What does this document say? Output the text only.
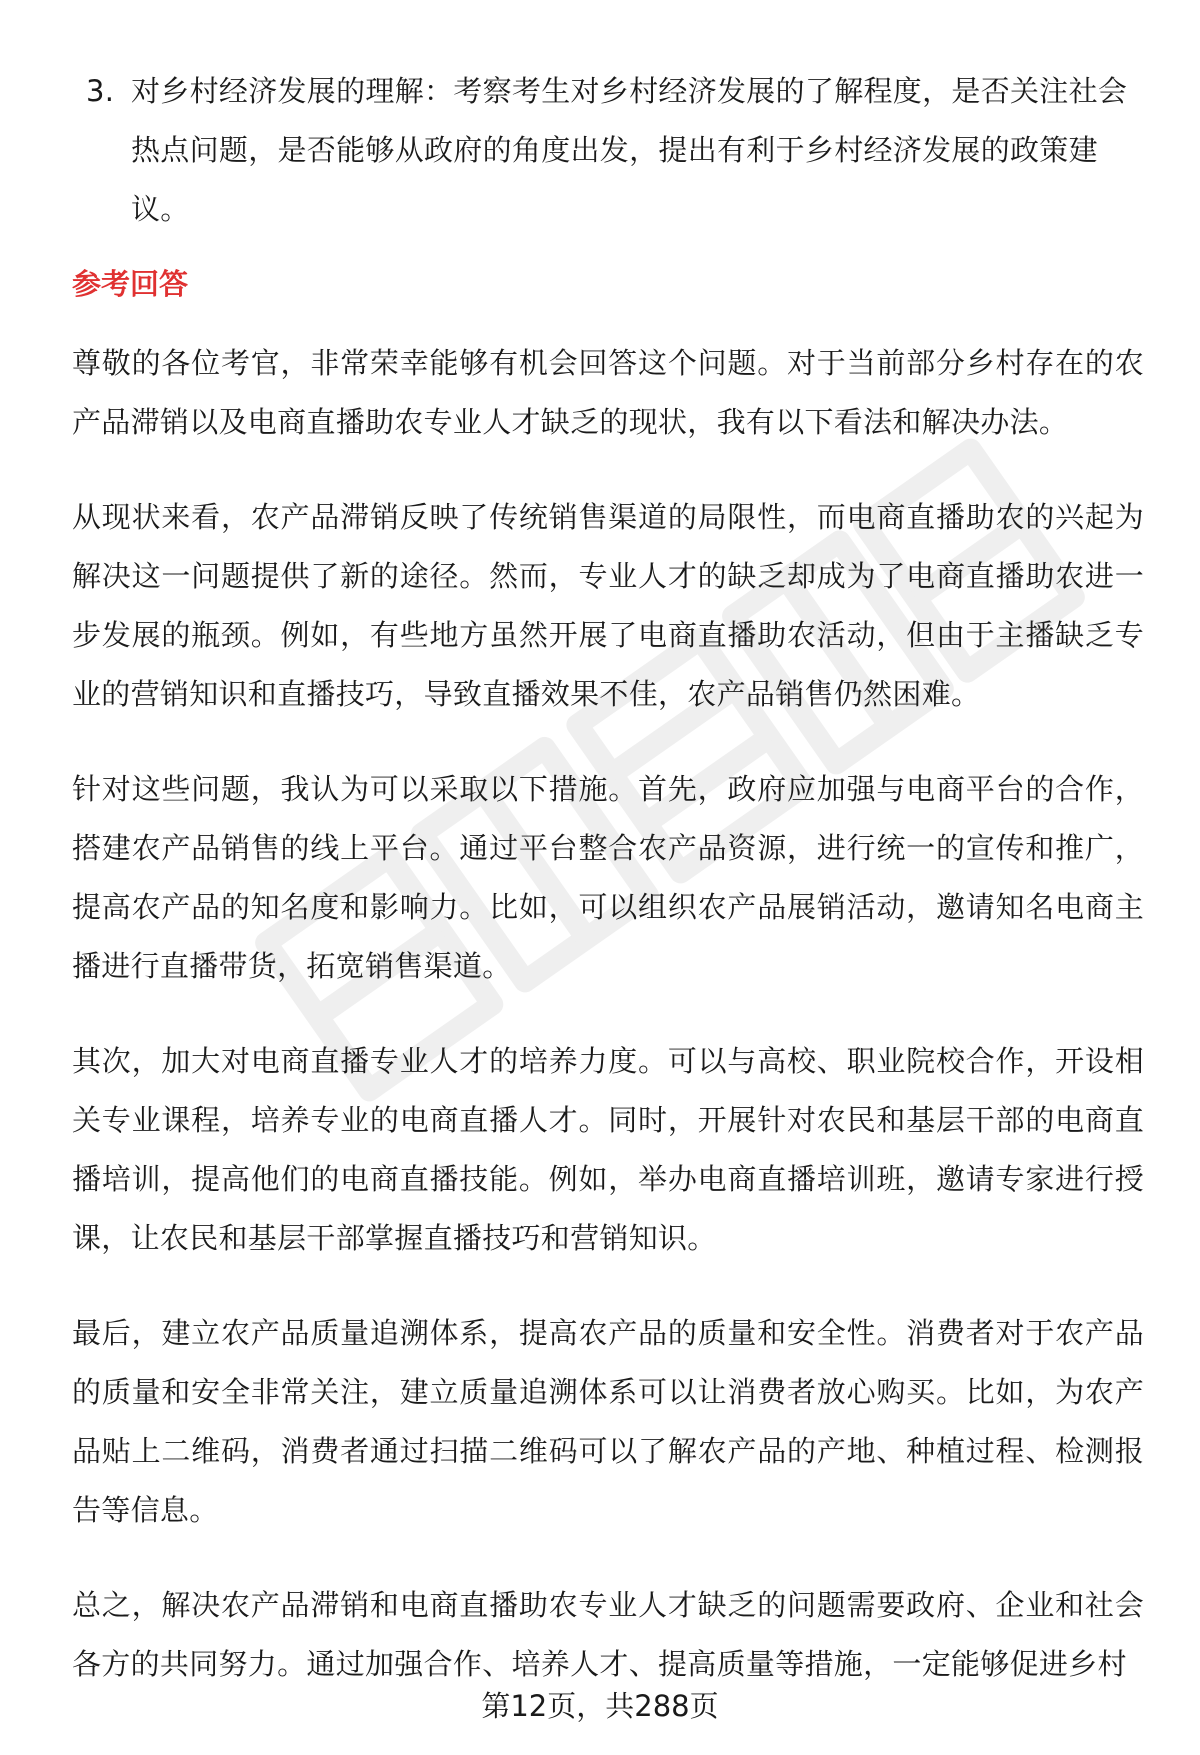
3. 对乡村经济发展的理解：考察考生对乡村经济发展的了解程度，是否关注社会热点问题，是否能够从政府的角度出发，提出有利于乡村经济发展的政策建议。
参考回答

尊敬的各位考官，非常荣幸能够有机会回答这个问题。对于当前部分乡村存在的农产品滞销以及电商直播助农专业人才缺乏的现状，我有以下看法和解决办法。

从现状来看，农产品滞销反映了传统销售渠道的局限性，而电商直播助农的兴起为解决这一问题提供了新的途径。然而，专业人才的缺乏却成为了电商直播助农进一步发展的瓶颈。例如，有些地方虽然开展了电商直播助农活动，但由于主播缺乏专业的营销知识和直播技巧，导致直播效果不佳，农产品销售仍然困难。

针对这些问题，我认为可以采取以下措施。首先，政府应加强与电商平台的合作，搭建农产品销售的线上平台。通过平台整合农产品资源，进行统一的宣传和推广，提高农产品的知名度和影响力。比如，可以组织农产品展销活动，邀请知名电商主播进行直播带货，拓宽销售渠道。

其次，加大对电商直播专业人才的培养力度。可以与高校、职业院校合作，开设相关专业课程，培养专业的电商直播人才。同时，开展针对农民和基层干部的电商直播培训，提高他们的电商直播技能。例如，举办电商直播培训班，邀请专家进行授课，让农民和基层干部掌握直播技巧和营销知识。

最后，建立农产品质量追溯体系，提高农产品的质量和安全性。消费者对于农产品的质量和安全非常关注，建立质量追溯体系可以让消费者放心购买。比如，为农产品贴上二维码，消费者通过扫描二维码可以了解农产品的产地、种植过程、检测报告等信息。

总之，解决农产品滞销和电商直播助农专业人才缺乏的问题需要政府、企业和社会各方的共同努力。通过加强合作、培养人才、提高质量等措施，一定能够促进乡村

第12页，共288页
